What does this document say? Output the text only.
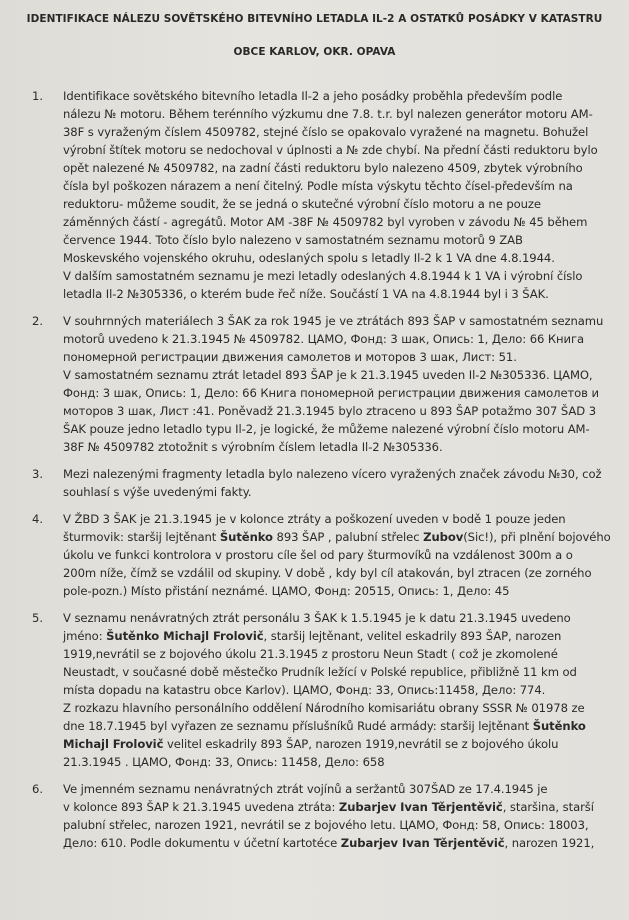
IDENTIFIKACE NÁLEZU SOVĚTSKÉHO BITEVNÍHO LETADLA IL-2 A OSTATKŮ POSÁDKY V KATASTRU

OBCE KARLOV, OKR. OPAVA

1. Identifikace sovětského bitevního letadla Il-2 a jeho posádky proběhla především podle
nálezu № motoru. Během terénního výzkumu dne 7.8. t.r. byl nalezen generátor motoru AM-
38F s vyraženým číslem 4509782, stejné číslo se opakovalo vyražené na magnetu. Bohužel
výrobní štítek motoru se nedochoval v úplnosti a № zde chybí. Na přední části reduktoru bylo
opět nalezené № 4509782, na zadní části reduktoru bylo nalezeno 4509, zbytek výrobního
čísla byl poškozen nárazem a není čitelný. Podle místa výskytu těchto čísel-především na
reduktoru- můžeme soudit, že se jedná o skutečné výrobní číslo motoru a ne pouze
záměnných částí - agregátů. Motor AM -38F № 4509782 byl vyroben v závodu № 45 během
července 1944. Toto číslo bylo nalezeno v samostatném seznamu motorů 9 ZAB
Moskevského vojenského okruhu, odeslaných spolu s letadly Il-2 k 1 VA dne 4.8.1944.
V dalším samostatném seznamu je mezi letadly odeslaných 4.8.1944 k 1 VA i výrobní číslo
letadla Il-2 №305336, o kterém bude řeč níže. Součástí 1 VA na 4.8.1944 byl i 3 ŠAK.
2. V souhrnných materiálech 3 ŠAK za rok 1945 je ve ztrátách 893 ŠAP v samostatném seznamu
motorů uvedeno k 21.3.1945 № 4509782. ЦАМО, Фонд: 3 шак, Опись: 1, Дело: 66 Книга
пономерной регистрации движения самолетов и моторов 3 шак, Лист: 51.
V samostatném seznamu ztrát letadel 893 ŠAP je k 21.3.1945 uveden Il-2 №305336. ЦАМО,
Фонд: 3 шак, Опись: 1, Дело: 66 Книга пономерной регистрации движения самолетов и
моторов 3 шак, Лист :41. Poněvadž 21.3.1945 bylo ztraceno u 893 ŠAP potažmo 307 ŠAD 3
ŠAK pouze jedno letadlo typu Il-2, je logické, že můžeme nalezené výrobní číslo motoru AM-
38F № 4509782 ztotožnit s výrobním číslem letadla Il-2 №305336.
3. Mezi nalezenými fragmenty letadla bylo nalezeno vícero vyražených značek závodu №30, což
souhlasí s výše uvedenými fakty.
4. V ŽBD 3 ŠAK je 21.3.1945 je v kolonce ztráty a poškození uveden v bodě 1 pouze jeden
šturmovik: staršij lejtěnant Šutěnko 893 ŠAP , palubní střelec Zubov(Sic!), při plnění bojového
úkolu ve funkci kontrolora v prostoru cíle šel od pary šturmovíků na vzdálenost 300m a o
200m níže, čímž se vzdálil od skupiny. V době , kdy byl cíl atakován, byl ztracen (ze zorného
pole-pozn.) Místo přistání neznámé. ЦАМО, Фонд: 20515, Опись: 1, Дело: 45
5. V seznamu nenávratných ztrát personálu 3 ŠAK k 1.5.1945 je k datu 21.3.1945 uvedeno
jméno: Šutěnko Michajl Frolovič, staršij lejtěnant, velitel eskadrily 893 ŠAP, narozen
1919,nevrátil se z bojového úkolu 21.3.1945 z prostoru Neun Stadt ( což je zkomolené
Neustadt, v současné době městečko Prudník ležící v Polské republice, přibližně 11 km od
místa dopadu na katastru obce Karlov). ЦАМО, Фонд: 33, Опись:11458, Дело: 774.
Z rozkazu hlavního personálního oddělení Národního komisariátu obrany SSSR № 01978 ze
dne 18.7.1945 byl vyřazen ze seznamu příslušníků Rudé armády: staršij lejtěnant Šutěnko
Michajl Frolovič velitel eskadrily 893 ŠAP, narozen 1919,nevrátil se z bojového úkolu
21.3.1945 . ЦАМО, Фонд: 33, Опись: 11458, Дело: 658
6. Ve jmenném seznamu nenávratných ztrát vojínů a seržantů 307ŠAD ze 17.4.1945 je
v kolonce 893 ŠAP k 21.3.1945 uvedena ztráta: Zubarjev Ivan Těrjentěvič, staršina, starší
palubní střelec, narozen 1921, nevrátil se z bojového letu. ЦАМО, Фонд: 58, Опись: 18003,
Дело: 610. Podle dokumentu v účetní kartotéce Zubarjev Ivan Těrjentěvič, narozen 1921,
